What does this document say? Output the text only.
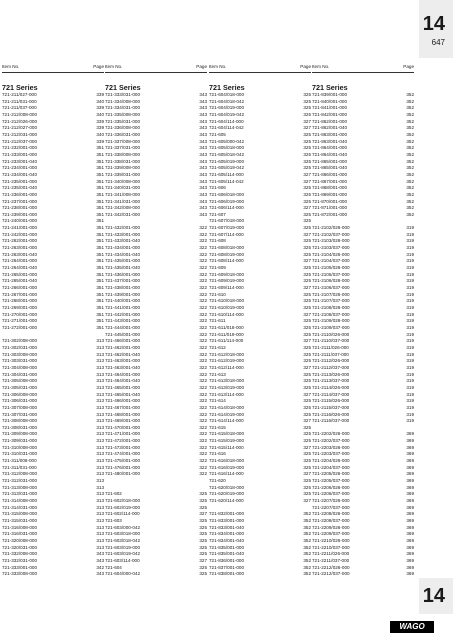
14
647
Item No.	Page
721 Series
721-211/027-000	339
721-211/031-000	340
721-211/037-000	339
721-212/008-000	340
721-212/026-000	339
721-212/027-000	339
721-212/031-000	340
721-212/037-000	339
721-232/001-000	351
721-233/001-000	351
721-233/001-040	351
721-234/001-000	351
721-234/001-040	351
721-235/001-000	351
721-235/001-040	351
721-236/001-000	351
721-237/001-000	351
721-238/001-000	351
721-239/001-000	351
721-240/001-000	351
721-241/001-000	351
721-242/001-000	351
721-262/001-000	351
721-263/001-000	351
721-263/001-040	351
721-264/001-000	351
721-264/001-040	351
721-265/001-000	351
721-265/001-040	351
721-266/001-000	351
721-267/001-000	351
721-268/001-000	351
721-269/001-000	351
721-270/001-000	351
721-271/001-000	351
721-272/001-000	351
721-302/008-000	313
721-302/031-000	313
721-303/008-000	313
721-303/031-000	313
721-304/008-000	313
721-304/031-000	313
721-305/008-000	313
721-305/031-000	313
721-306/008-000	313
721-306/031-000	313
721-307/008-000	313
721-307/031-000	313
721-308/008-000	313
721-308/031-000	313
721-309/008-000	313
721-309/031-000	313
721-310/008-000	313
721-310/031-000	313
721-311/008-000	313
721-311/031-000	313
721-312/008-000	313
721-312/031-000	313
721-313/008-000	313
721-313/031-000	313
721-314/008-000	313
721-314/031-000	313
721-315/008-000	313
721-315/031-000	313
721-316/008-000	313
721-316/031-000	313
721-320/008-000	313
721-320/031-000	313
721-332/008-000	343
721-332/031-000	343
721-333/001-000	342
721-333/008-000	343
Item No.	Page
721 Series
721-333/031-000	343
721-334/008-000	343
721-334/031-000	343
721-335/008-000	343
721-335/031-000	343
721-336/008-000	343
721-336/031-000	343
721-337/008-000	343
721-337/031-000	343
721-338/008-000	343
721-338/031-000	343
721-339/008-000	343
721-339/031-000	343
721-340/008-000	343
721-340/031-000	343
721-341/008-000	343
721-341/031-000	343
721-342/008-000	343
721-342/031-000	343
721-432/001-000	322
721-433/001-000	322
721-433/001-040	322
721-434/001-000	322
721-434/001-040	322
721-435/001-000	322
721-435/001-040	322
721-436/001-000	322
721-437/001-000	322
721-438/001-000	322
721-439/001-000	322
721-440/001-000	322
721-441/001-000	322
721-442/001-000	322
721-443/001-000	322
721-444/001-000	322
721-445/001-000	322
721-466/001-000	322
721-462/001-000	322
721-462/001-040	322
721-463/001-000	322
721-463/001-040	322
721-464/001-000	322
721-464/001-040	322
721-465/001-000	322
721-465/001-040	322
721-466/001-000	322
721-467/001-000	322
721-468/001-000	322
721-469/001-000	322
721-470/001-000	322
721-471/001-000	322
721-472/001-000	322
721-473/001-000	322
721-474/001-000	322
721-475/001-000	322
721-476/001-000	322
721-480/001-000	322
721-602	325
721-602/018-000	325
721-602/019-000	325
721-602/114-000	327
721-603	325
721-603/000-042	325
721-603/018-000	325
721-603/018-042	325
721-603/019-000	325
721-603/019-042	325
721-603/114-000	327
721-604	325
721-604/000-042	325
Item No.	Page
721 Series
721-604/018-000	325
721-604/018-042	325
721-604/019-000	325
721-604/019-042	325
721-604/114-000	327
721-604/114-042	327
721-605	325
721-605/000-042	325
721-605/018-000	325
721-605/018-042	325
721-605/019-000	325
721-605/019-042	325
721-605/114-000	327
721-605/114-042	327
721-606	325
721-606/018-000	325
721-606/019-000	325
721-606/114-000	327
721-607	325
721-607/018-000	325
721-607/019-000	325
721-607/114-000	327
721-608	325
721-608/018-000	325
721-608/019-000	325
721-608/114-000	327
721-609	325
721-609/018-000	325
721-609/019-000	325
721-609/114-000	327
721-610	325
721-610/018-000	325
721-610/019-000	325
721-610/114-000	327
721-611	325
721-611/018-000	325
721-611/019-000	325
721-611/114-000	327
721-612	325
721-612/018-000	325
721-612/019-000	325
721-612/114-000	327
721-613	325
721-613/018-000	325
721-613/019-000	325
721-613/114-000	327
721-614	325
721-614/018-000	325
721-614/019-000	325
721-614/114-000	327
721-615	325
721-615/018-000	325
721-615/019-000	325
721-615/114-000	327
721-616	325
721-616/018-000	325
721-616/019-000	325
721-616/114-000	327
721-620	325
721-620/018-000	325
721-620/019-000	325
721-620/114-000	327
721-832/001-000	352
721-833/001-000	352
721-833/001-040	352
721-834/001-000	352
721-834/001-040	352
721-835/001-000	352
721-835/001-040	352
721-836/001-000	352
721-837/001-000	352
721-838/001-000	352
Item No.	Page
721 Series
721-839/001-000	352
721-840/001-000	352
721-841/001-000	352
721-842/001-000	352
721-862/001-000	352
721-862/001-040	352
721-863/001-000	352
721-863/001-040	352
721-864/001-000	352
721-864/001-040	352
721-865/001-000	352
721-865/001-040	352
721-866/001-000	352
721-867/001-000	352
721-868/001-000	352
721-869/001-000	352
721-870/001-000	352
721-871/001-000	352
721-872/001-000	352
721-2102/026-000	319
721-2102/037-000	319
721-2103/026-000	319
721-2103/037-000	319
721-2104/026-000	319
721-2104/037-000	319
721-2105/026-000	319
721-2105/037-000	319
721-2106/026-000	319
721-2106/037-000	319
721-2107/026-000	319
721-2107/037-000	319
721-2108/026-000	319
721-2108/037-000	319
721-2109/026-000	319
721-2109/037-000	319
721-2110/026-000	319
721-2110/037-000	319
721-2111/026-000	319
721-2111/037-000	319
721-2112/026-000	319
721-2112/037-000	319
721-2113/026-000	319
721-2113/037-000	319
721-2114/026-000	319
721-2114/037-000	319
721-2115/026-000	319
721-2115/037-000	319
721-2116/026-000	319
721-2116/037-000	319
721-2202/026-000	369
721-2202/037-000	369
721-2203/026-000	369
721-2203/037-000	369
721-2204/026-000	369
721-2204/037-000	369
721-2205/026-000	369
721-2205/037-000	369
721-2206/026-000	369
721-2206/037-000	369
721-2207/026-000	369
721-2207/037-000	369
721-2208/026-000	369
721-2208/037-000	369
721-2209/026-000	369
721-2209/037-000	369
721-2210/026-000	369
721-2210/037-000	369
721-2211/026-000	369
721-2211/037-000	369
721-2212/026-000	369
721-2212/037-000	369
14
WAGO
